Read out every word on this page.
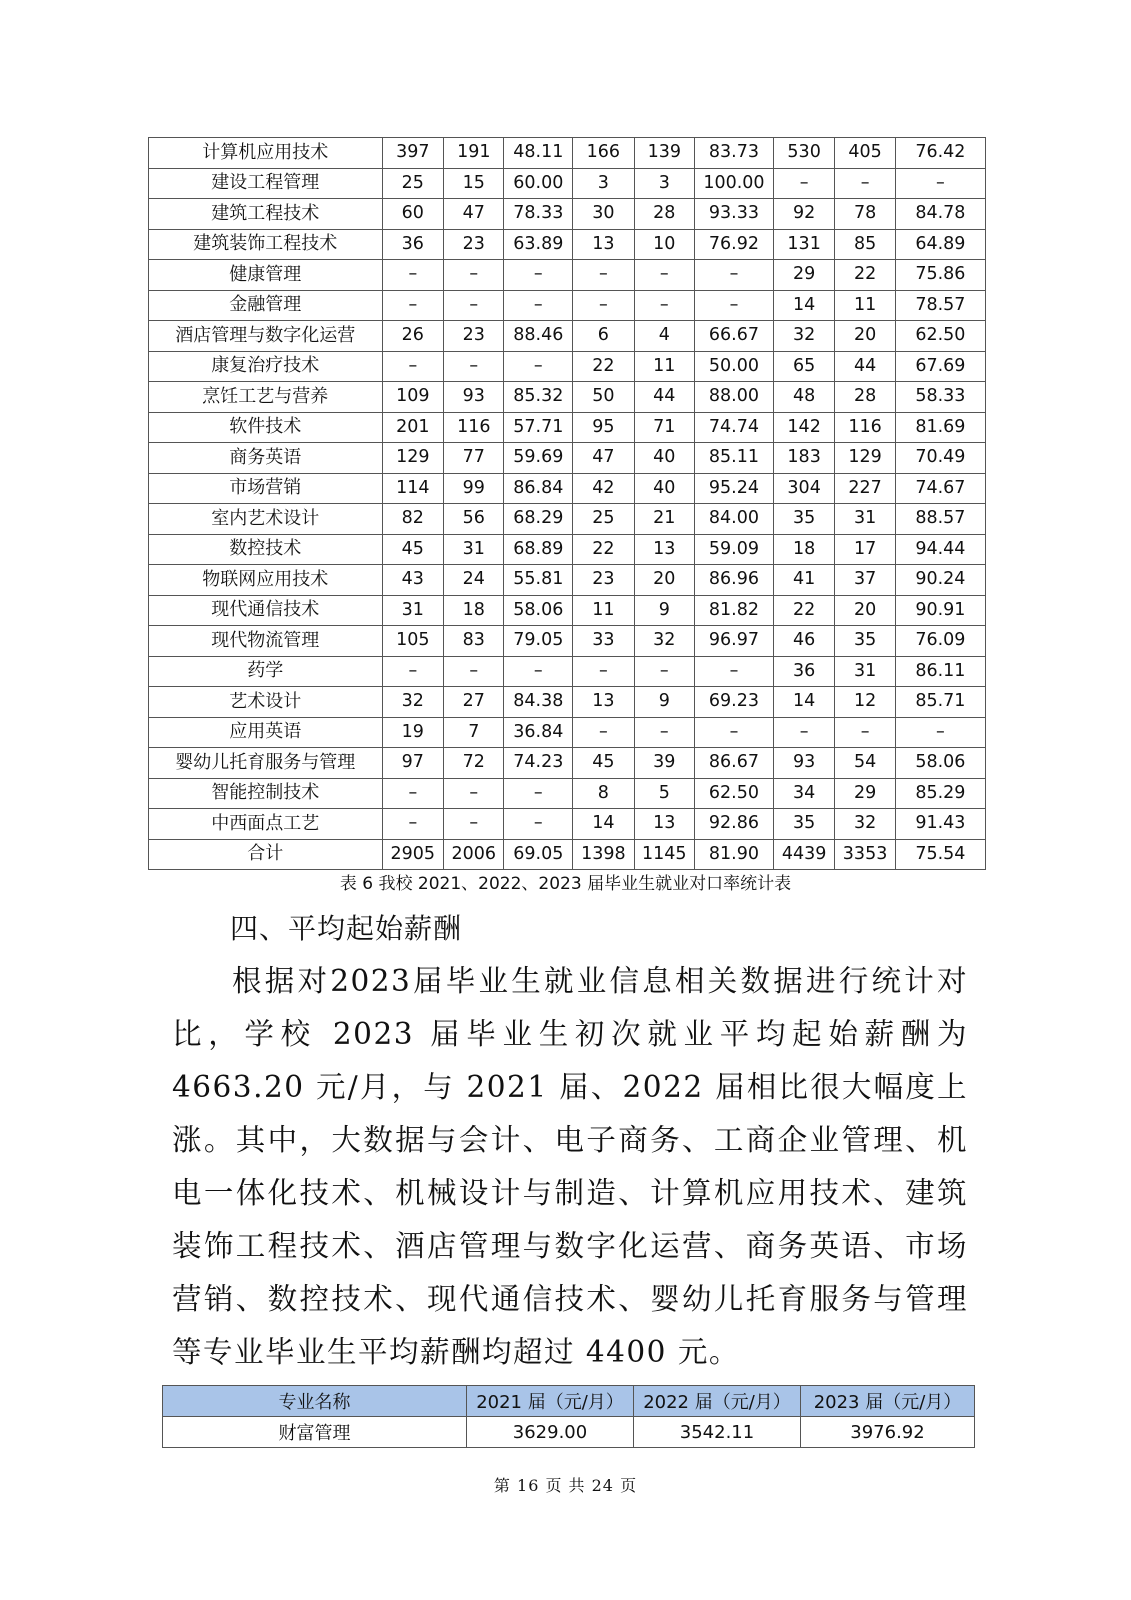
计算机应用技术	397	191	48.11	166	139	83.73	530	405	76.42
建设工程管理	25	15	60.00	3	3	100.00	–	–	–
建筑工程技术	60	47	78.33	30	28	93.33	92	78	84.78
建筑装饰工程技术	36	23	63.89	13	10	76.92	131	85	64.89
健康管理	–	–	–	–	–	–	29	22	75.86
金融管理	–	–	–	–	–	–	14	11	78.57
酒店管理与数字化运营	26	23	88.46	6	4	66.67	32	20	62.50
康复治疗技术	–	–	–	22	11	50.00	65	44	67.69
烹饪工艺与营养	109	93	85.32	50	44	88.00	48	28	58.33
软件技术	201	116	57.71	95	71	74.74	142	116	81.69
商务英语	129	77	59.69	47	40	85.11	183	129	70.49
市场营销	114	99	86.84	42	40	95.24	304	227	74.67
室内艺术设计	82	56	68.29	25	21	84.00	35	31	88.57
数控技术	45	31	68.89	22	13	59.09	18	17	94.44
物联网应用技术	43	24	55.81	23	20	86.96	41	37	90.24
现代通信技术	31	18	58.06	11	9	81.82	22	20	90.91
现代物流管理	105	83	79.05	33	32	96.97	46	35	76.09
药学	–	–	–	–	–	–	36	31	86.11
艺术设计	32	27	84.38	13	9	69.23	14	12	85.71
应用英语	19	7	36.84	–	–	–	–	–	–
婴幼儿托育服务与管理	97	72	74.23	45	39	86.67	93	54	58.06
智能控制技术	–	–	–	8	5	62.50	34	29	85.29
中西面点工艺	–	–	–	14	13	92.86	35	32	91.43
合计	2905	2006	69.05	1398	1145	81.90	4439	3353	75.54
表 6 我校 2021、2022、2023 届毕业生就业对口率统计表
四、平均起始薪酬
根据对2023届毕业生就业信息相关数据进行统计对比，学校 2023 届毕业生初次就业平均起始薪酬为 4663.20 元/月，与 2021 届、2022 届相比很大幅度上涨。其中，大数据与会计、电子商务、工商企业管理、机电一体化技术、机械设计与制造、计算机应用技术、建筑装饰工程技术、酒店管理与数字化运营、商务英语、市场营销、数控技术、现代通信技术、婴幼儿托育服务与管理等专业毕业生平均薪酬均超过 4400 元。
专业名称	2021 届（元/月）	2022 届（元/月）	2023 届（元/月）
财富管理	3629.00	3542.11	3976.92
第 16 页 共 24 页
